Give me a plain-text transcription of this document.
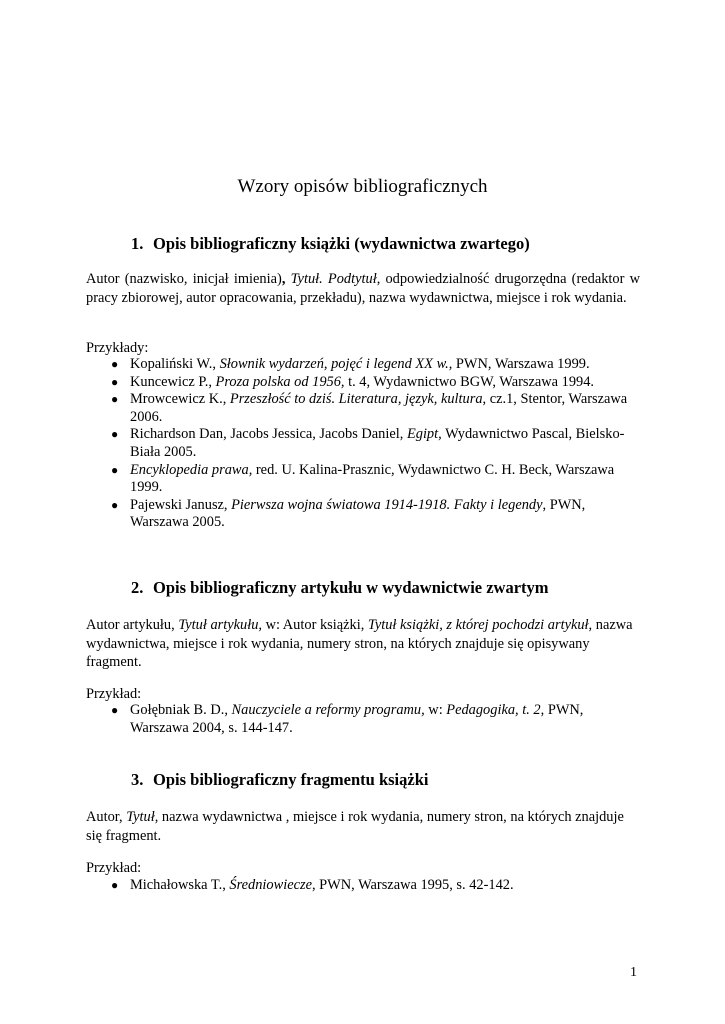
Wzory opisów bibliograficznych
1. Opis bibliograficzny książki (wydawnictwa zwartego)
Autor (nazwisko, inicjał imienia), Tytuł. Podtytuł, odpowiedzialność drugorzędna (redaktor w pracy zbiorowej, autor opracowania, przekładu), nazwa wydawnictwa, miejsce i rok wydania.
Przykłady:
● Kopaliński W., Słownik wydarzeń, pojęć i legend XX w., PWN, Warszawa 1999.
● Kuncewicz P., Proza polska od 1956, t. 4, Wydawnictwo BGW, Warszawa 1994.
● Mrowcewicz K., Przeszłość to dziś. Literatura, język, kultura, cz.1, Stentor, Warszawa 2006.
● Richardson Dan, Jacobs Jessica, Jacobs Daniel, Egipt, Wydawnictwo Pascal, Bielsko-Biała 2005.
● Encyklopedia prawa, red. U. Kalina-Prasznic, Wydawnictwo C. H. Beck, Warszawa 1999.
● Pajewski Janusz, Pierwsza wojna światowa 1914-1918. Fakty i legendy, PWN, Warszawa 2005.
2. Opis bibliograficzny artykułu w wydawnictwie zwartym
Autor artykułu, Tytuł artykułu, w: Autor książki, Tytuł książki, z której pochodzi artykuł, nazwa wydawnictwa, miejsce i rok wydania, numery stron, na których znajduje się opisywany fragment.
Przykład:
● Gołębniak B. D., Nauczyciele a reformy programu, w: Pedagogika, t. 2, PWN, Warszawa 2004, s. 144-147.
3. Opis bibliograficzny fragmentu książki
Autor, Tytuł, nazwa wydawnictwa , miejsce i rok wydania, numery stron, na których znajduje się fragment.
Przykład:
● Michałowska T., Średniowiecze, PWN, Warszawa 1995, s. 42-142.
1
